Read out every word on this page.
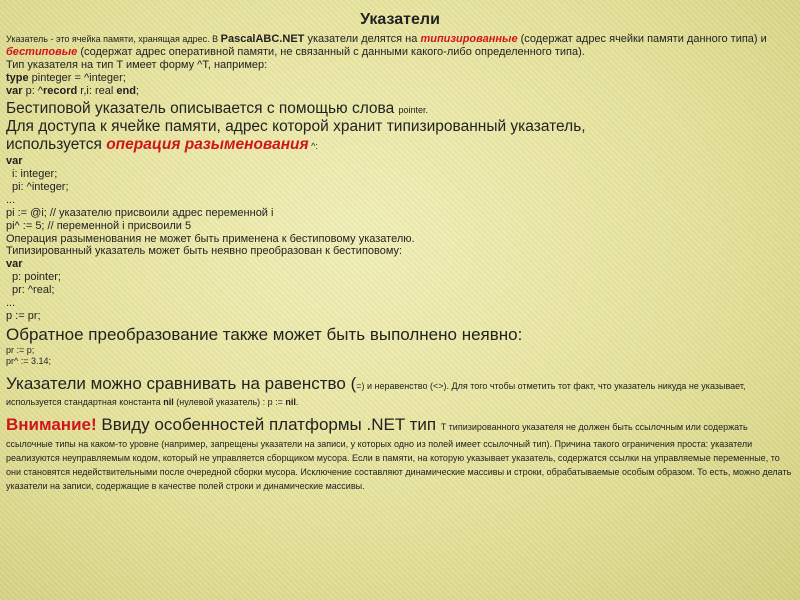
Указатели

Указатель - это ячейка памяти, хранящая адрес. В PascalABC.NET указатели делятся на типизированные (содержат адрес ячейки памяти данного типа) и бестиповые (содержат адрес оперативной памяти, не связанный с данными какого-либо определенного типа).

Тип указателя на тип T имеет форму ^T, например:

type pinteger = ^integer;

var p: ^record r,i: real end;

Бестиповой указатель описывается с помощью слова pointer.

Для доступа к ячейке памяти, адрес которой хранит типизированный указатель,

используется операция разыменования ^:

var

i: integer;

pi: ^integer;

...

pi := @i; // указателю присвоили адрес переменной i

pi^ := 5; // переменной i присвоили 5

Операция разыменования не может быть применена к бестиповому указателю.

Типизированный указатель может быть неявно преобразован к бестиповому:

var

p: pointer;

pr: ^real;

...

p := pr;

Обратное преобразование также может быть выполнено неявно:

pr := p;

pr^ := 3.14;

Указатели можно сравнивать на равенство (=) и неравенство (<>). Для того чтобы отметить тот факт, что указатель никуда не указывает, используется стандартная константа nil (нулевой указатель) : p := nil.

Внимание! Ввиду особенностей платформы .NET тип T типизированного указателя не должен быть ссылочным или содержать ссылочные типы на каком-то уровне (например, запрещены указатели на записи, у которых одно из полей имеет ссылочный тип). Причина такого ограничения проста: указатели реализуются неуправляемым кодом, который не управляется сборщиком мусора. Если в памяти, на которую указывает указатель, содержатся ссылки на управляемые переменные, то они становятся недействительными после очередной сборки мусора. Исключение составляют динамические массивы и строки, обрабатываемые особым образом. То есть, можно делать указатели на записи, содержащие в качестве полей строки и динамические массивы.
